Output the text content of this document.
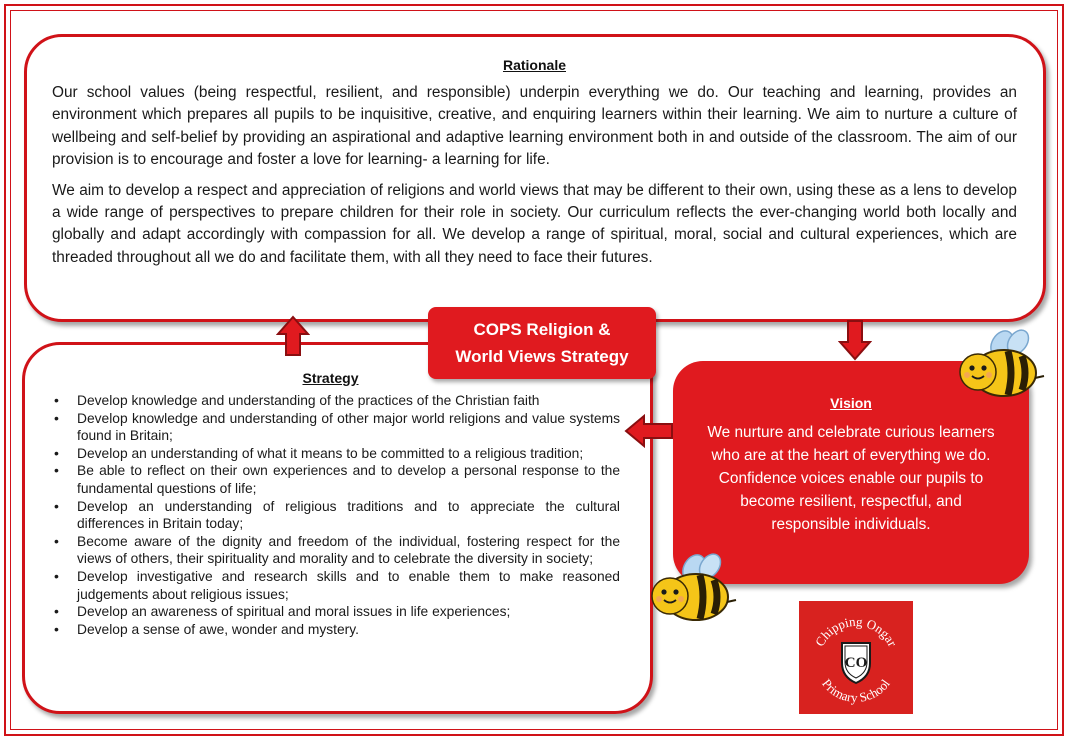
Rationale

Our school values (being respectful, resilient, and responsible) underpin everything we do. Our teaching and learning, provides an environment which prepares all pupils to be inquisitive, creative, and enquiring learners within their learning. We aim to nurture a culture of wellbeing and self-belief by providing an aspirational and adaptive learning environment both in and outside of the classroom. The aim of our provision is to encourage and foster a love for learning- a learning for life.

We aim to develop a respect and appreciation of religions and world views that may be different to their own, using these as a lens to develop a wide range of perspectives to prepare children for their role in society. Our curriculum reflects the ever-changing world both locally and globally and adapt accordingly with compassion for all. We develop a range of spiritual, moral, social and cultural experiences, which are threaded throughout all we do and facilitate them, with all they need to face their futures.

Strategy
• Develop knowledge and understanding of the practices of the Christian faith
• Develop knowledge and understanding of other major world religions and value systems found in Britain;
• Develop an understanding of what it means to be committed to a religious tradition;
• Be able to reflect on their own experiences and to develop a personal response to the fundamental questions of life;
• Develop an understanding of religious traditions and to appreciate the cultural differences in Britain today;
• Become aware of the dignity and freedom of the individual, fostering respect for the views of others, their spirituality and morality and to celebrate the diversity in society;
• Develop investigative and research skills and to enable them to make reasoned judgements about religious issues;
• Develop an awareness of spiritual and moral issues in life experiences;
• Develop a sense of awe, wonder and mystery.
COPS Religion &
World Views Strategy
Vision

We nurture and celebrate curious learners who are at the heart of everything we do. Confidence voices enable our pupils to become resilient, respectful, and responsible individuals.

Chipping Ongar
Primary School
CO
